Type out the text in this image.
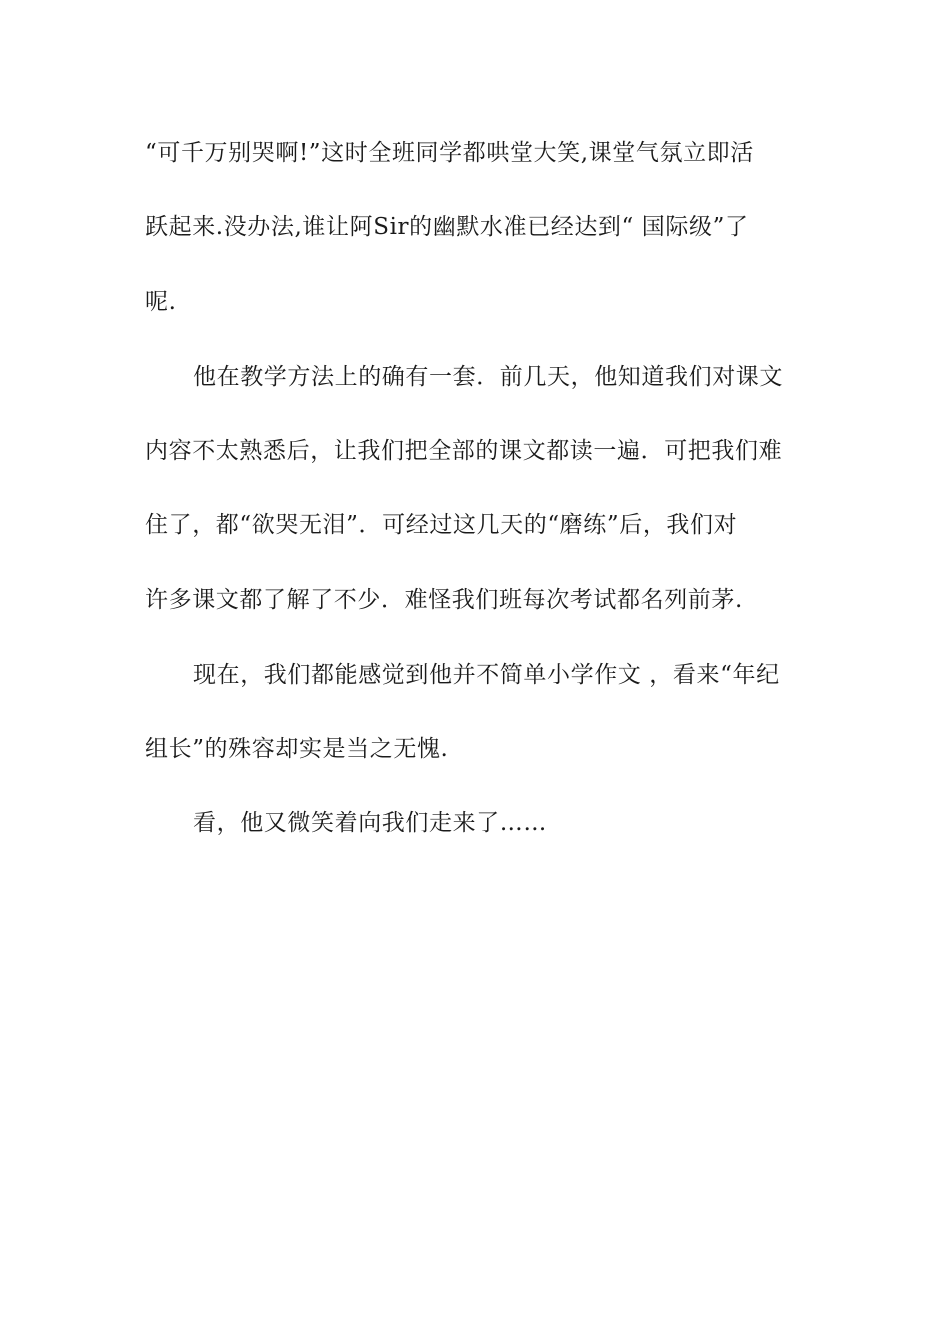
“可千万别哭啊!”这时全班同学都哄堂大笑,课堂气氛立即活
跃起来.没办法,谁让阿Sir的幽默水准已经达到“ 国际级”了
呢.
他在教学方法上的确有一套．前几天，他知道我们对课文
内容不太熟悉后，让我们把全部的课文都读一遍．可把我们难
住了，都“欲哭无泪”．可经过这几天的“磨练”后，我们对
许多课文都了解了不少．难怪我们班每次考试都名列前茅.
现在，我们都能感觉到他并不简单小学作文 ，看来“年纪
组长”的殊容却实是当之无愧.
看，他又微笑着向我们走来了……
